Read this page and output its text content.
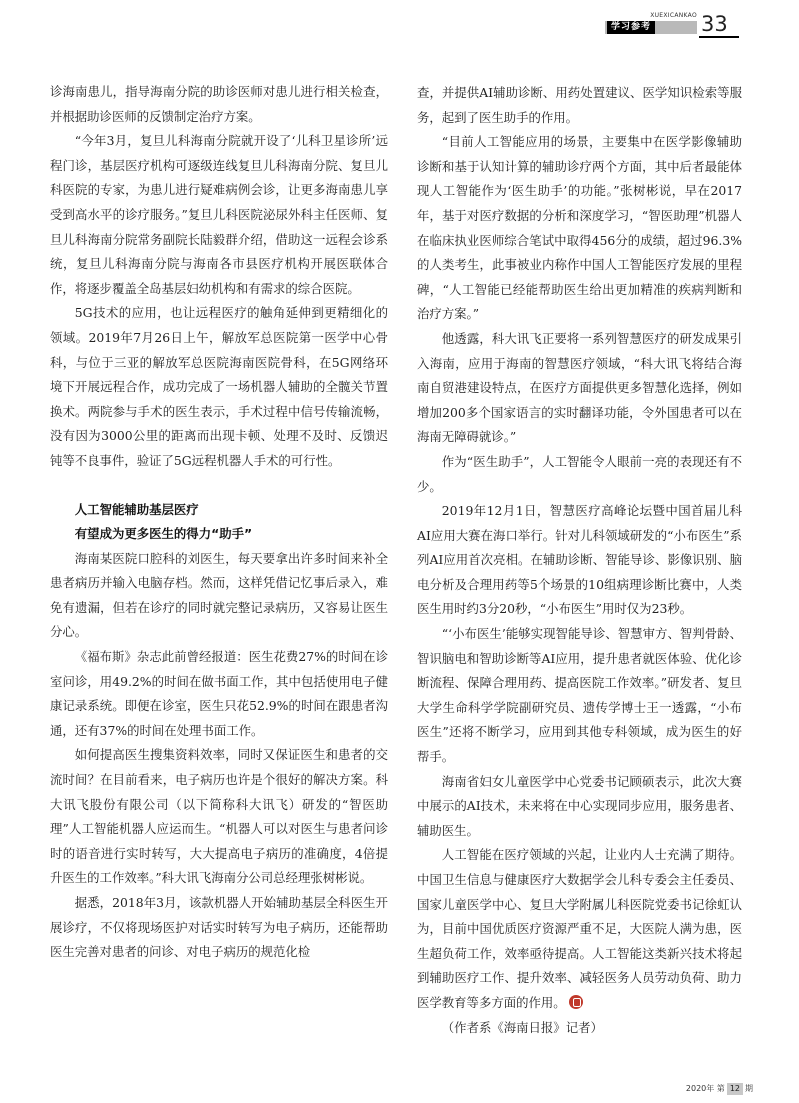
XUEXICANKAO
学习参考 33

诊海南患儿，指导海南分院的助诊医师对患儿进行相关检查，并根据助诊医师的反馈制定治疗方案。

“今年3月，复旦儿科海南分院就开设了‘儿科卫星诊所’远程门诊，基层医疗机构可逐级连线复旦儿科海南分院、复旦儿科医院的专家，为患儿进行疑难病例会诊，让更多海南患儿享受到高水平的诊疗服务。”复旦儿科医院泌尿外科主任医师、复旦儿科海南分院常务副院长陆毅群介绍，借助这一远程会诊系统，复旦儿科海南分院与海南各市县医疗机构开展医联体合作，将逐步覆盖全岛基层妇幼机构和有需求的综合医院。

5G技术的应用，也让远程医疗的触角延伸到更精细化的领域。2019年7月26日上午，解放军总医院第一医学中心骨科，与位于三亚的解放军总医院海南医院骨科，在5G网络环境下开展远程合作，成功完成了一场机器人辅助的全髋关节置换术。两院参与手术的医生表示，手术过程中信号传输流畅，没有因为3000公里的距离而出现卡顿、处理不及时、反馈迟钝等不良事件，验证了5G远程机器人手术的可行性。

人工智能辅助基层医疗
有望成为更多医生的得力“助手”

海南某医院口腔科的刘医生，每天要拿出许多时间来补全患者病历并输入电脑存档。然而，这样凭借记忆事后录入，难免有遗漏，但若在诊疗的同时就完整记录病历，又容易让医生分心。

《福布斯》杂志此前曾经报道：医生花费27%的时间在诊室问诊，用49.2%的时间在做书面工作，其中包括使用电子健康记录系统。即便在诊室，医生只花52.9%的时间在跟患者沟通，还有37%的时间在处理书面工作。

如何提高医生搜集资料效率，同时又保证医生和患者的交流时间？在目前看来，电子病历也许是个很好的解决方案。科大讯飞股份有限公司（以下简称科大讯飞）研发的“智医助理”人工智能机器人应运而生。“机器人可以对医生与患者问诊时的语音进行实时转写，大大提高电子病历的准确度，4倍提升医生的工作效率。”科大讯飞海南分公司总经理张树彬说。

据悉，2018年3月，该款机器人开始辅助基层全科医生开展诊疗，不仅将现场医护对话实时转写为电子病历，还能帮助医生完善对患者的问诊、对电子病历的规范化检

查，并提供AI辅助诊断、用药处置建议、医学知识检索等服务，起到了医生助手的作用。

“目前人工智能应用的场景，主要集中在医学影像辅助诊断和基于认知计算的辅助诊疗两个方面，其中后者最能体现人工智能作为‘医生助手’的功能。”张树彬说，早在2017年，基于对医疗数据的分析和深度学习，“智医助理”机器人在临床执业医师综合笔试中取得456分的成绩，超过96.3%的人类考生，此事被业内称作中国人工智能医疗发展的里程碑，“人工智能已经能帮助医生给出更加精准的疾病判断和治疗方案。”

他透露，科大讯飞正要将一系列智慧医疗的研发成果引入海南，应用于海南的智慧医疗领域，“科大讯飞将结合海南自贸港建设特点，在医疗方面提供更多智慧化选择，例如增加200多个国家语言的实时翻译功能，令外国患者可以在海南无障碍就诊。”

作为“医生助手”，人工智能令人眼前一亮的表现还有不少。

2019年12月1日，智慧医疗高峰论坛暨中国首届儿科AI应用大赛在海口举行。针对儿科领域研发的“小布医生”系列AI应用首次亮相。在辅助诊断、智能导诊、影像识别、脑电分析及合理用药等5个场景的10组病理诊断比赛中，人类医生用时约3分20秒，“小布医生”用时仅为23秒。

“‘小布医生’能够实现智能导诊、智慧审方、智判骨龄、智识脑电和智助诊断等AI应用，提升患者就医体验、优化诊断流程、保障合理用药、提高医院工作效率。”研发者、复旦大学生命科学学院副研究员、遗传学博士王一透露，“小布医生”还将不断学习，应用到其他专科领域，成为医生的好帮手。

海南省妇女儿童医学中心党委书记顾硕表示，此次大赛中展示的AI技术，未来将在中心实现同步应用，服务患者、辅助医生。

人工智能在医疗领域的兴起，让业内人士充满了期待。中国卫生信息与健康医疗大数据学会儿科专委会主任委员、国家儿童医学中心、复旦大学附属儿科医院党委书记徐虹认为，目前中国优质医疗资源严重不足，大医院人满为患，医生超负荷工作，效率亟待提高。人工智能这类新兴技术将起到辅助医疗工作、提升效率、减轻医务人员劳动负荷、助力医学教育等多方面的作用。

（作者系《海南日报》记者）

2020年 第 12 期
